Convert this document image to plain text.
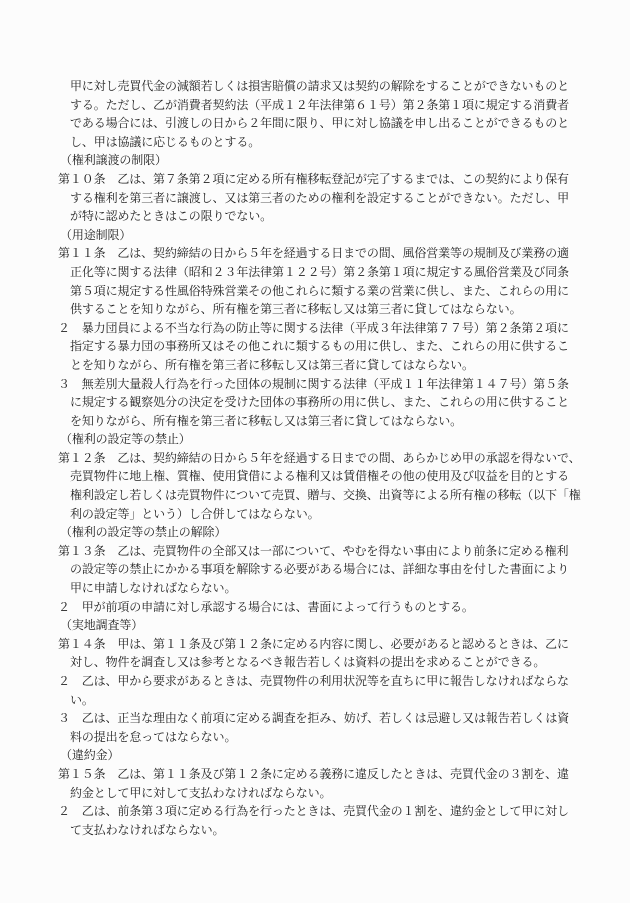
甲に対し売買代金の減額若しくは損害賠償の請求又は契約の解除をすることができないものと
する。ただし、乙が消費者契約法（平成１２年法律第６１号）第２条第１項に規定する消費者
である場合には、引渡しの日から２年間に限り、甲に対し協議を申し出ることができるものと
し、甲は協議に応じるものとする。
（権利譲渡の制限）
第１０条　乙は、第７条第２項に定める所有権移転登記が完了するまでは、この契約により保有
する権利を第三者に譲渡し、又は第三者のための権利を設定することができない。ただし、甲
が特に認めたときはこの限りでない。
（用途制限）
第１１条　乙は、契約締結の日から５年を経過する日までの間、風俗営業等の規制及び業務の適
正化等に関する法律（昭和２３年法律第１２２号）第２条第１項に規定する風俗営業及び同条
第５項に規定する性風俗特殊営業その他これらに類する業の営業に供し、また、これらの用に
供することを知りながら、所有権を第三者に移転し又は第三者に貸してはならない。
２　暴力団員による不当な行為の防止等に関する法律（平成３年法律第７７号）第２条第２項に
指定する暴力団の事務所又はその他これに類するもの用に供し、また、これらの用に供するこ
とを知りながら、所有権を第三者に移転し又は第三者に貸してはならない。
３　無差別大量殺人行為を行った団体の規制に関する法律（平成１１年法律第１４７号）第５条
に規定する観察処分の決定を受けた団体の事務所の用に供し、また、これらの用に供すること
を知りながら、所有権を第三者に移転し又は第三者に貸してはならない。
（権利の設定等の禁止）
第１２条　乙は、契約締結の日から５年を経過する日までの間、あらかじめ甲の承認を得ないで、
売買物件に地上権、質権、使用貸借による権利又は賃借権その他の使用及び収益を目的とする
権利設定し若しくは売買物件について売買、贈与、交換、出資等による所有権の移転（以下「権
利の設定等」という）し合併してはならない。
（権利の設定等の禁止の解除）
第１３条　乙は、売買物件の全部又は一部について、やむを得ない事由により前条に定める権利
の設定等の禁止にかかる事項を解除する必要がある場合には、詳細な事由を付した書面により
甲に申請しなければならない。
２　甲が前項の申請に対し承認する場合には、書面によって行うものとする。
（実地調査等）
第１４条　甲は、第１１条及び第１２条に定める内容に関し、必要があると認めるときは、乙に
対し、物件を調査し又は参考となるべき報告若しくは資料の提出を求めることができる。
２　乙は、甲から要求があるときは、売買物件の利用状況等を直ちに甲に報告しなければならな
い。
３　乙は、正当な理由なく前項に定める調査を拒み、妨げ、若しくは忌避し又は報告若しくは資
料の提出を怠ってはならない。
（違約金）
第１５条　乙は、第１１条及び第１２条に定める義務に違反したときは、売買代金の３割を、違
約金として甲に対して支払わなければならない。
２　乙は、前条第３項に定める行為を行ったときは、売買代金の１割を、違約金として甲に対し
て支払わなければならない。
